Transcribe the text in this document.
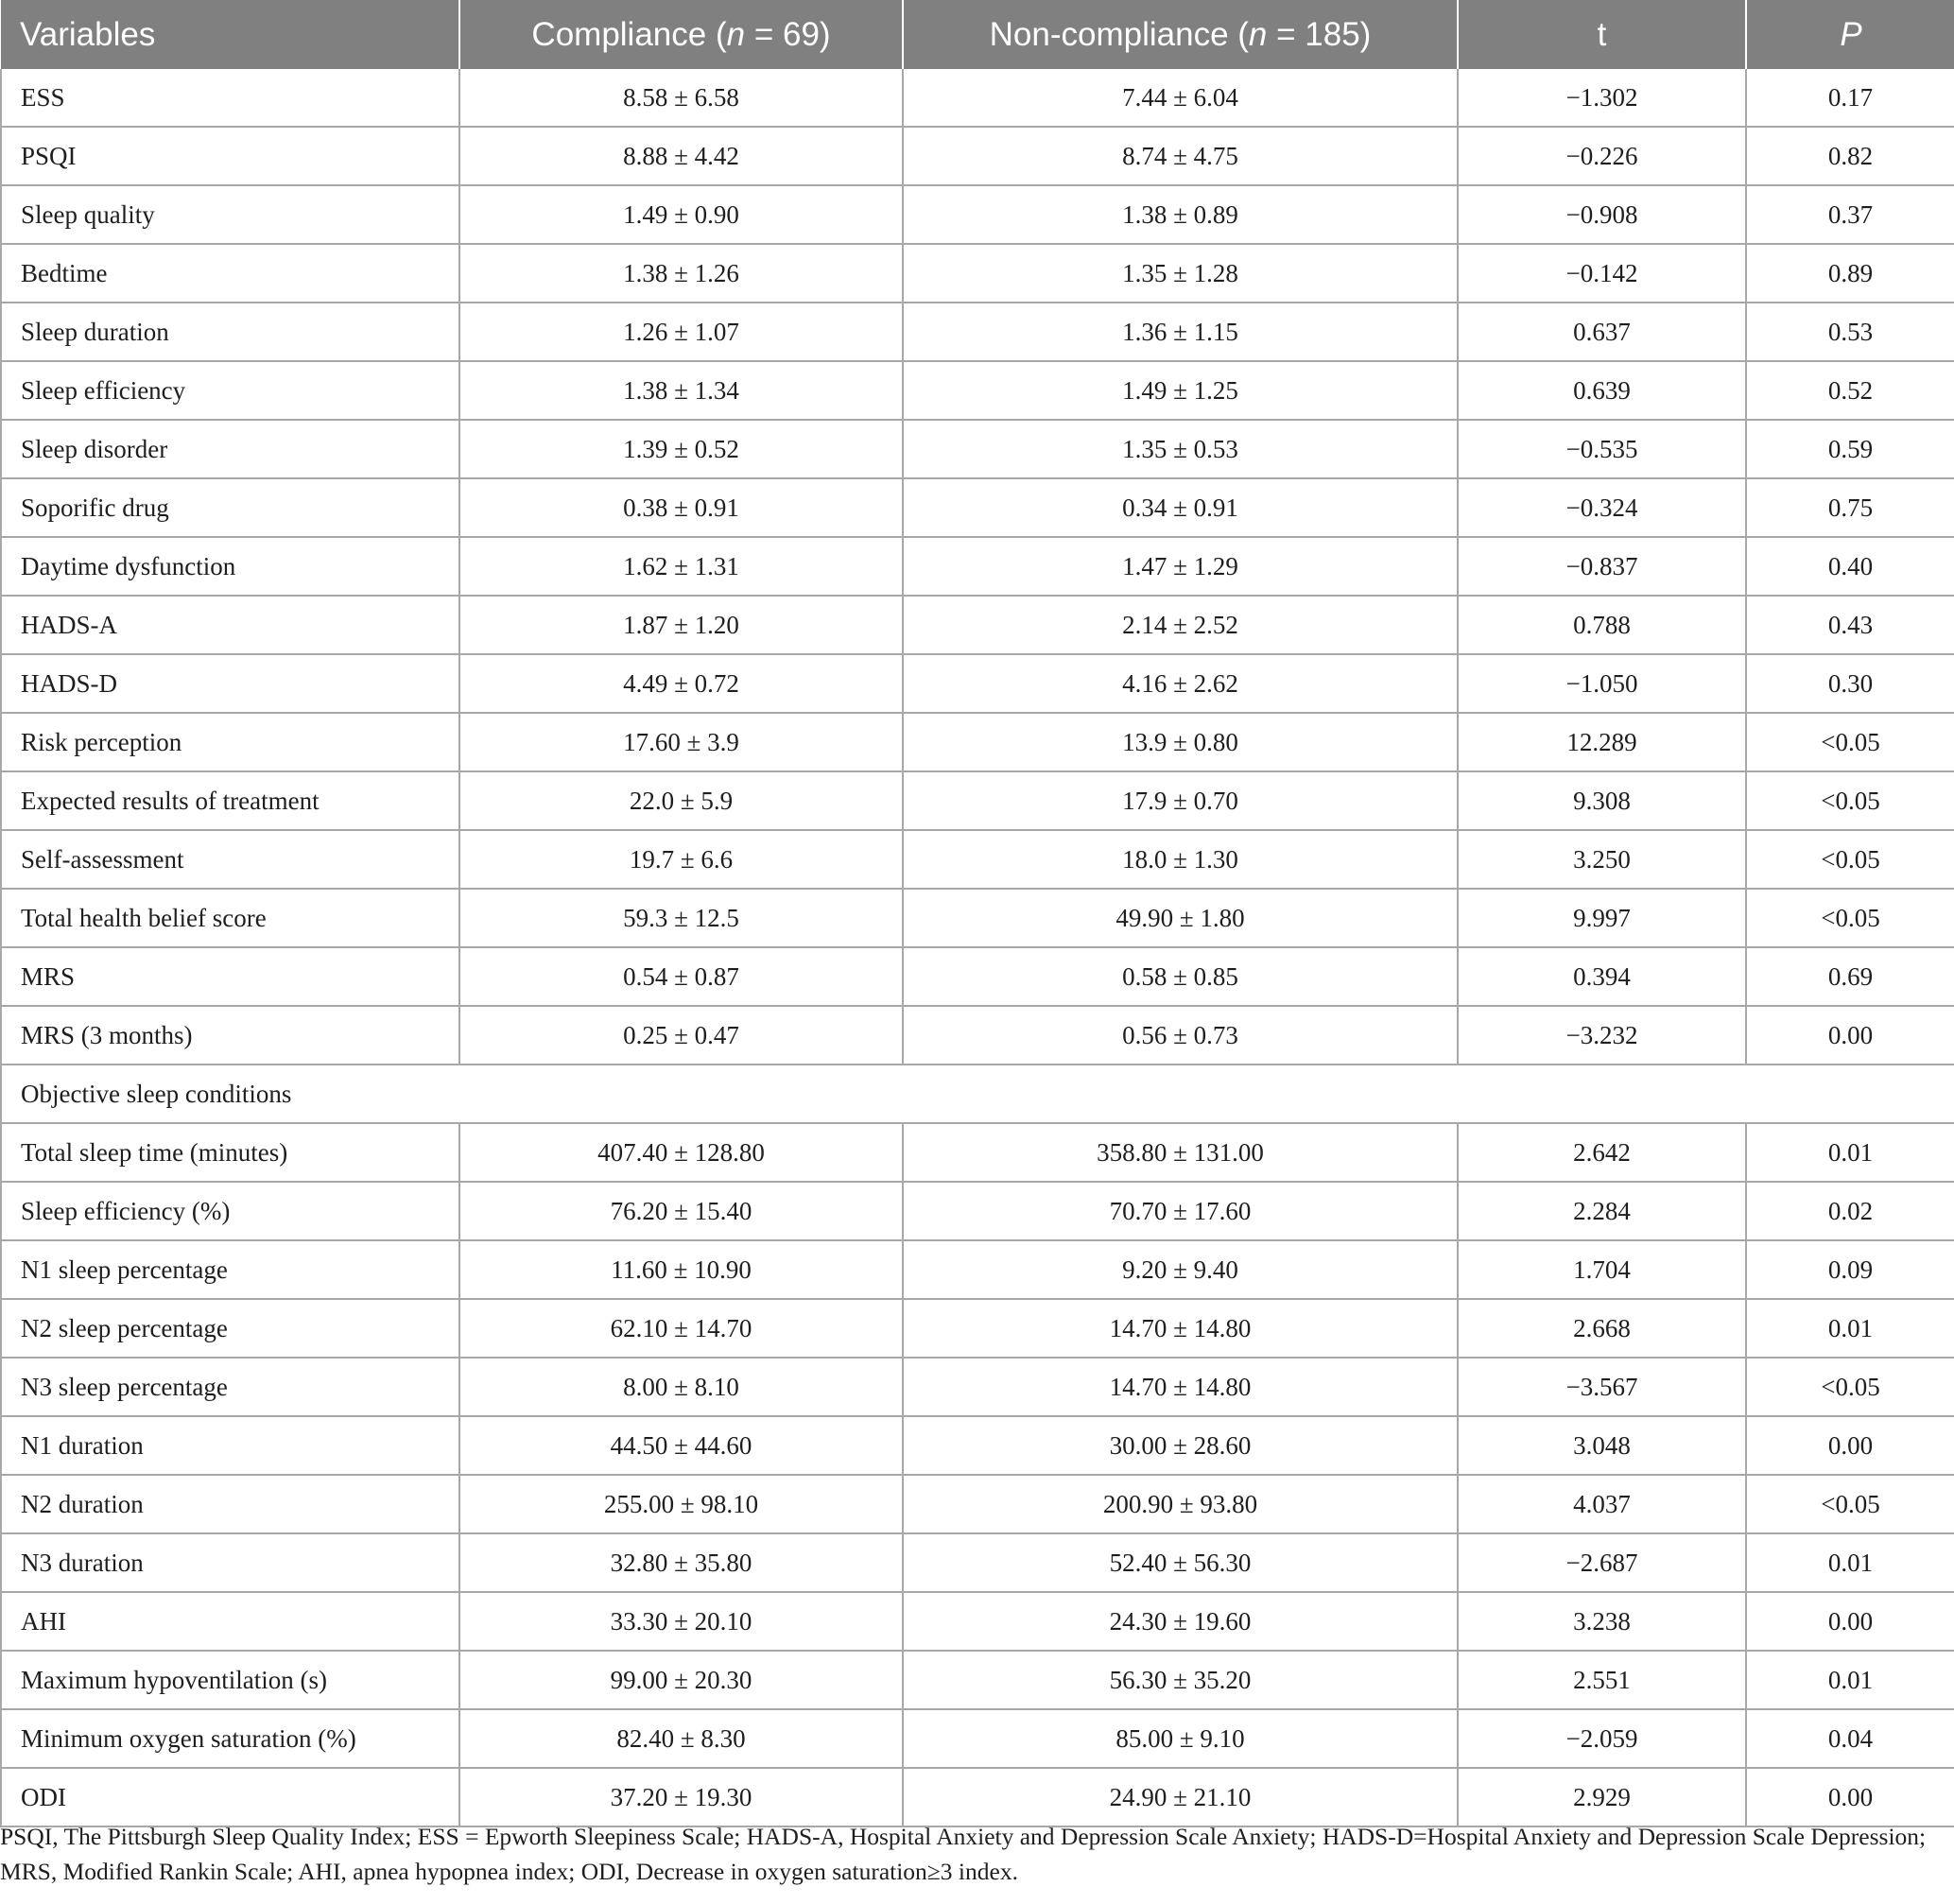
Variables	Compliance (n = 69)	Non-compliance (n = 185)	t	P
ESS	8.58 ± 6.58	7.44 ± 6.04	−1.302	0.17
PSQI	8.88 ± 4.42	8.74 ± 4.75	−0.226	0.82
Sleep quality	1.49 ± 0.90	1.38 ± 0.89	−0.908	0.37
Bedtime	1.38 ± 1.26	1.35 ± 1.28	−0.142	0.89
Sleep duration	1.26 ± 1.07	1.36 ± 1.15	0.637	0.53
Sleep efficiency	1.38 ± 1.34	1.49 ± 1.25	0.639	0.52
Sleep disorder	1.39 ± 0.52	1.35 ± 0.53	−0.535	0.59
Soporific drug	0.38 ± 0.91	0.34 ± 0.91	−0.324	0.75
Daytime dysfunction	1.62 ± 1.31	1.47 ± 1.29	−0.837	0.40
HADS-A	1.87 ± 1.20	2.14 ± 2.52	0.788	0.43
HADS-D	4.49 ± 0.72	4.16 ± 2.62	−1.050	0.30
Risk perception	17.60 ± 3.9	13.9 ± 0.80	12.289	<0.05
Expected results of treatment	22.0 ± 5.9	17.9 ± 0.70	9.308	<0.05
Self-assessment	19.7 ± 6.6	18.0 ± 1.30	3.250	<0.05
Total health belief score	59.3 ± 12.5	49.90 ± 1.80	9.997	<0.05
MRS	0.54 ± 0.87	0.58 ± 0.85	0.394	0.69
MRS (3 months)	0.25 ± 0.47	0.56 ± 0.73	−3.232	0.00
Objective sleep conditions				
Total sleep time (minutes)	407.40 ± 128.80	358.80 ± 131.00	2.642	0.01
Sleep efficiency (%)	76.20 ± 15.40	70.70 ± 17.60	2.284	0.02
N1 sleep percentage	11.60 ± 10.90	9.20 ± 9.40	1.704	0.09
N2 sleep percentage	62.10 ± 14.70	14.70 ± 14.80	2.668	0.01
N3 sleep percentage	8.00 ± 8.10	14.70 ± 14.80	−3.567	<0.05
N1 duration	44.50 ± 44.60	30.00 ± 28.60	3.048	0.00
N2 duration	255.00 ± 98.10	200.90 ± 93.80	4.037	<0.05
N3 duration	32.80 ± 35.80	52.40 ± 56.30	−2.687	0.01
AHI	33.30 ± 20.10	24.30 ± 19.60	3.238	0.00
Maximum hypoventilation (s)	99.00 ± 20.30	56.30 ± 35.20	2.551	0.01
Minimum oxygen saturation (%)	82.40 ± 8.30	85.00 ± 9.10	−2.059	0.04
ODI	37.20 ± 19.30	24.90 ± 21.10	2.929	0.00
PSQI, The Pittsburgh Sleep Quality Index; ESS = Epworth Sleepiness Scale; HADS-A, Hospital Anxiety and Depression Scale Anxiety; HADS-D=Hospital Anxiety and Depression Scale Depression; MRS, Modified Rankin Scale; AHI, apnea hypopnea index; ODI, Decrease in oxygen saturation≥3 index.
